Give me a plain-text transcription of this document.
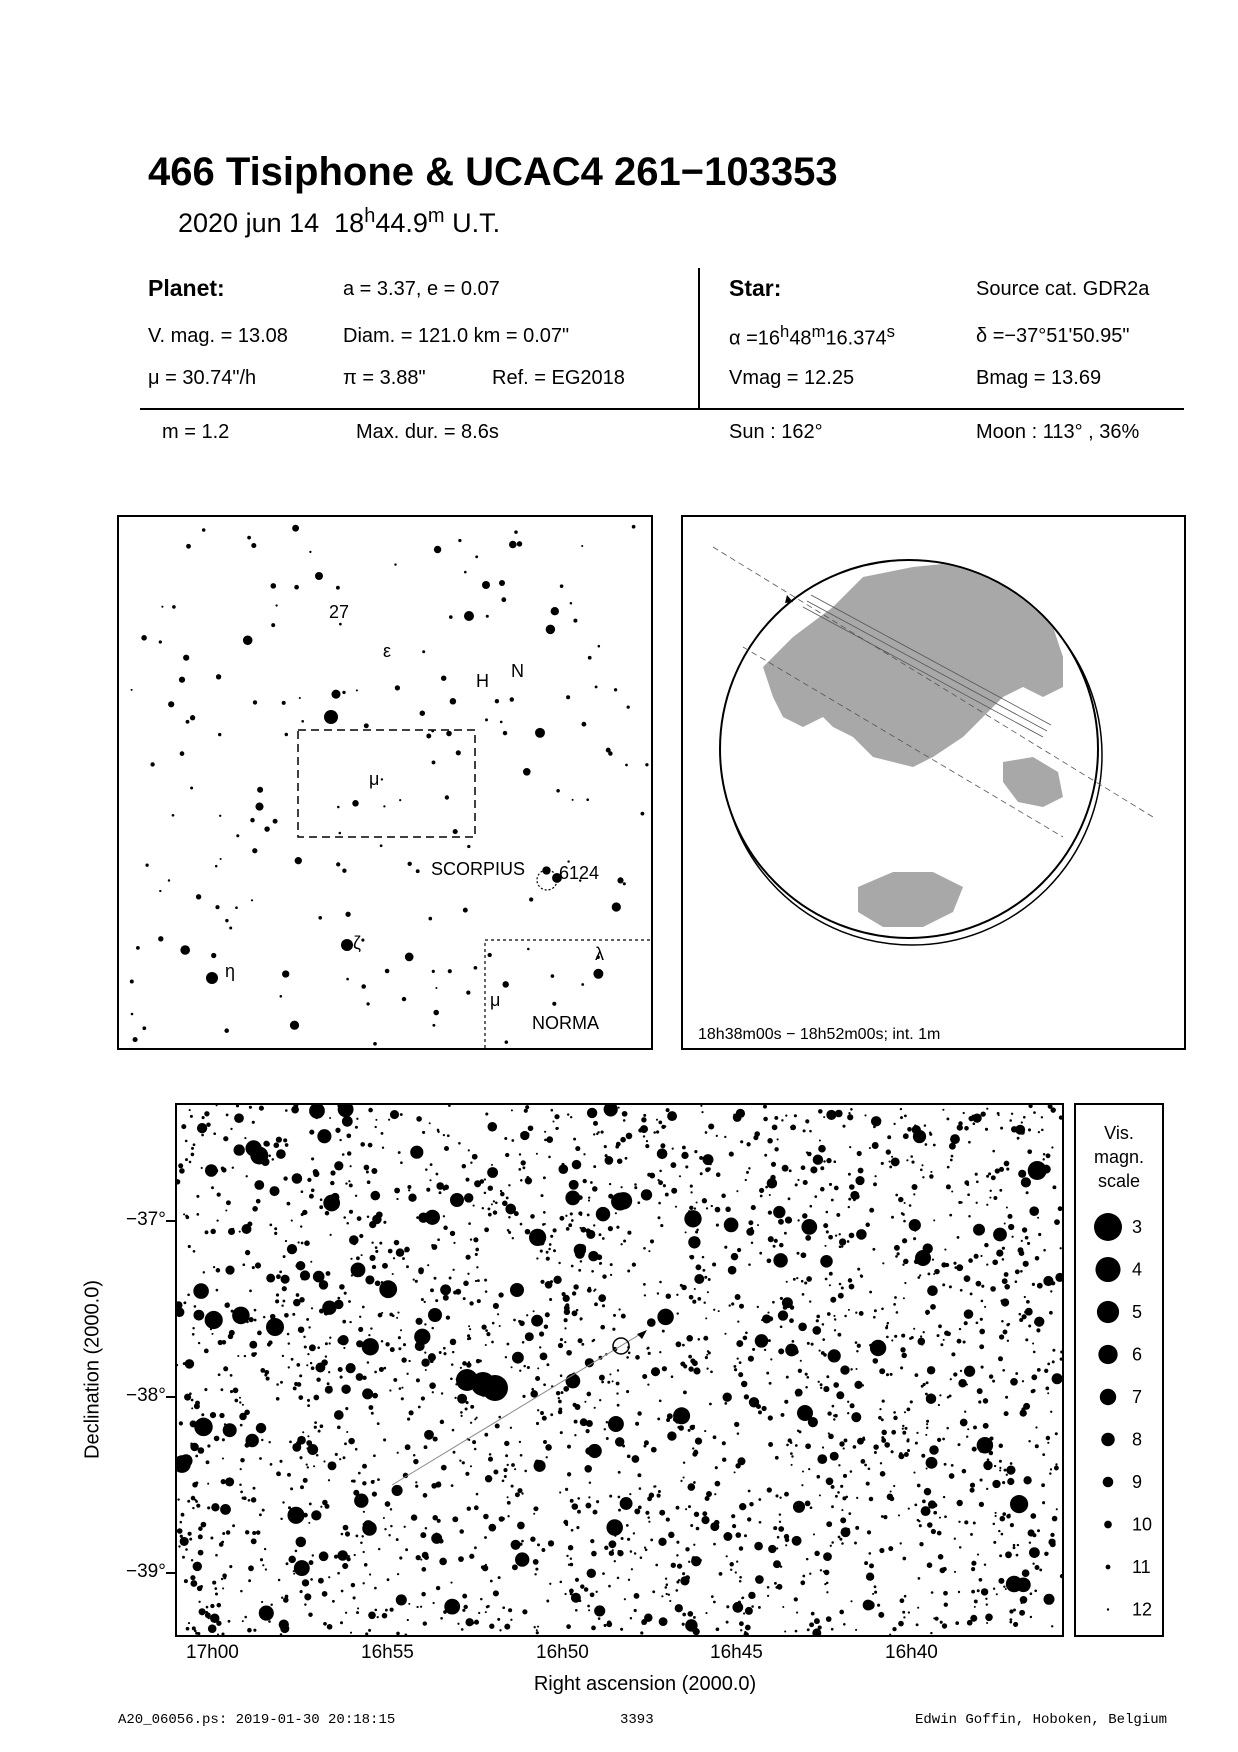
466 Tisiphone & UCAC4 261−103353
2020 jun 14 18$^h$44.9$^m$ U.T.
Planet:	a = 3.37, e = 0.07
V. mag. = 13.08	Diam. = 121.0 km = 0.07"
μ = 30.74"/h	π = 3.88"	Ref. = EG2018
Star:	Source cat. GDR2a
$\alpha =16^h48^m16.374^s$	δ =−37°51'50.95"
Vmag = 12.25	Bmag = 13.69
m = 1.2	Max. dur. = 8.6s	Sun : 162°	Moon : 113° , 36%
27
ε
H N
μ
SCORPIUS 6124
ζ
η
λ
μ
NORMA
18h38m00s − 18h52m00s; int. 1m
−37°
−38°
−39°
17h00	16h55	16h50	16h45	16h40
Right ascension (2000.0)
Declination (2000.0)
Vis.
magn.
scale
3
4
5
6
7
8
9
10
11
12
A20_06056.ps: 2019-01-30 20:18:15	3393	Edwin Goffin, Hoboken, Belgium
